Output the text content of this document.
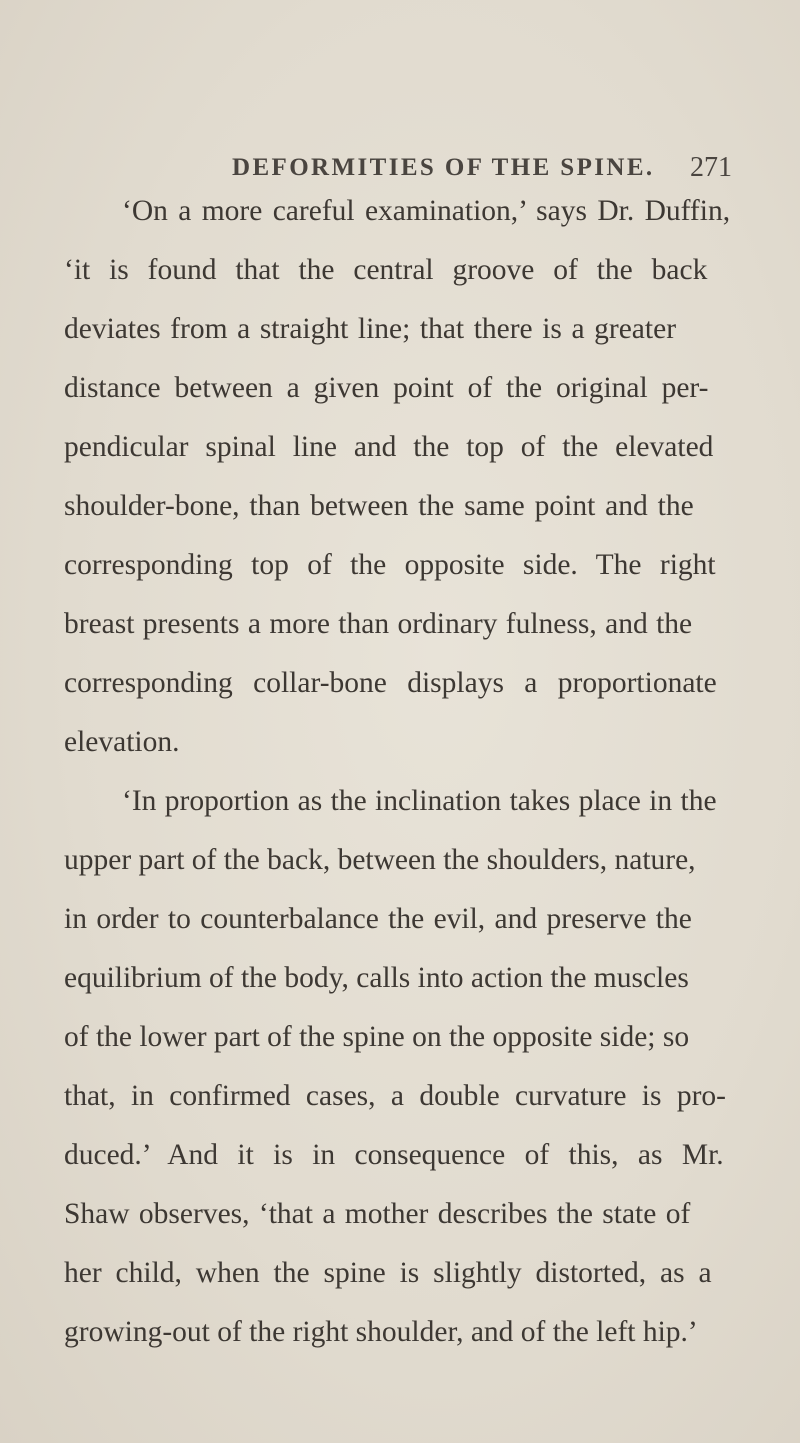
DEFORMITIES OF THE SPINE. 271
‘On a more careful examination,’ says Dr. Duffin,
‘it is found that the central groove of the back
deviates from a straight line; that there is a greater
distance between a given point of the original per-
pendicular spinal line and the top of the elevated
shoulder-bone, than between the same point and the
corresponding top of the opposite side. The right
breast presents a more than ordinary fulness, and the
corresponding collar-bone displays a proportionate
elevation.
‘In proportion as the inclination takes place in the
upper part of the back, between the shoulders, nature,
in order to counterbalance the evil, and preserve the
equilibrium of the body, calls into action the muscles
of the lower part of the spine on the opposite side; so
that, in confirmed cases, a double curvature is pro-
duced.’ And it is in consequence of this, as Mr.
Shaw observes, ‘that a mother describes the state of
her child, when the spine is slightly distorted, as a
growing-out of the right shoulder, and of the left hip.’
